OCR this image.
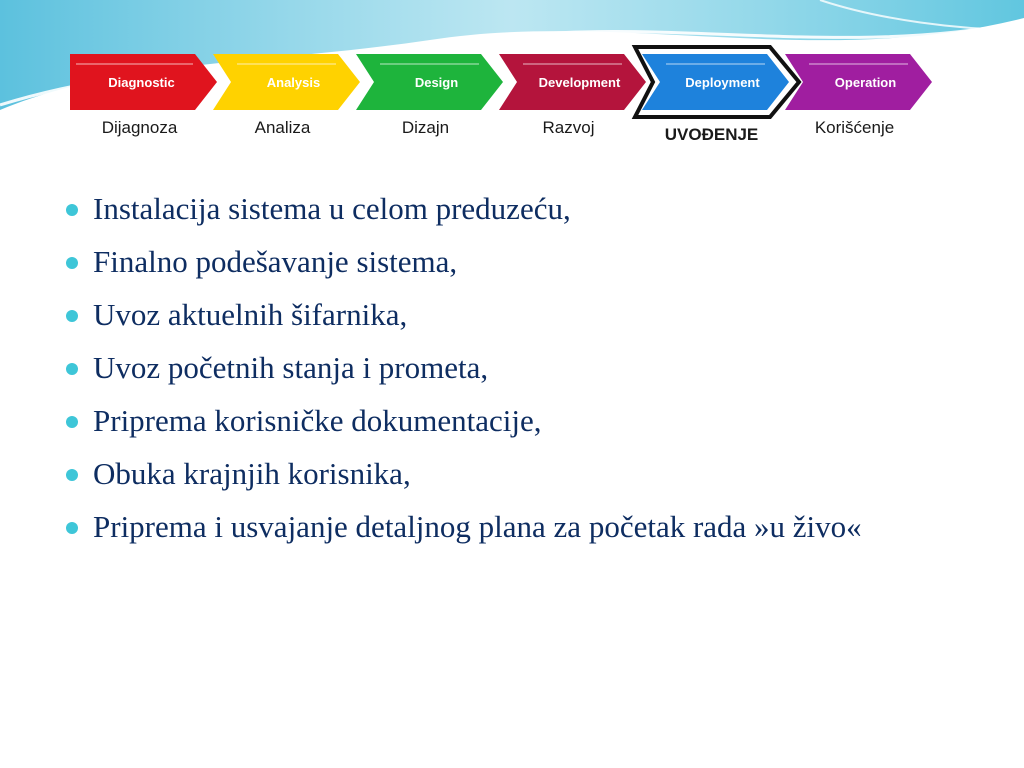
Diagnostic
Dijagnoza
Analysis
Analiza
Design
Dizajn
Development
Razvoj
Deployment
UVOĐENJE
Operation
Korišćenje
Instalacija sistema u celom preduzeću,
Finalno podešavanje sistema,
Uvoz aktuelnih šifarnika,
Uvoz početnih stanja i prometa,
Priprema korisničke dokumentacije,
Obuka krajnjih korisnika,
Priprema i usvajanje detaljnog plana za početak rada »u živo«
